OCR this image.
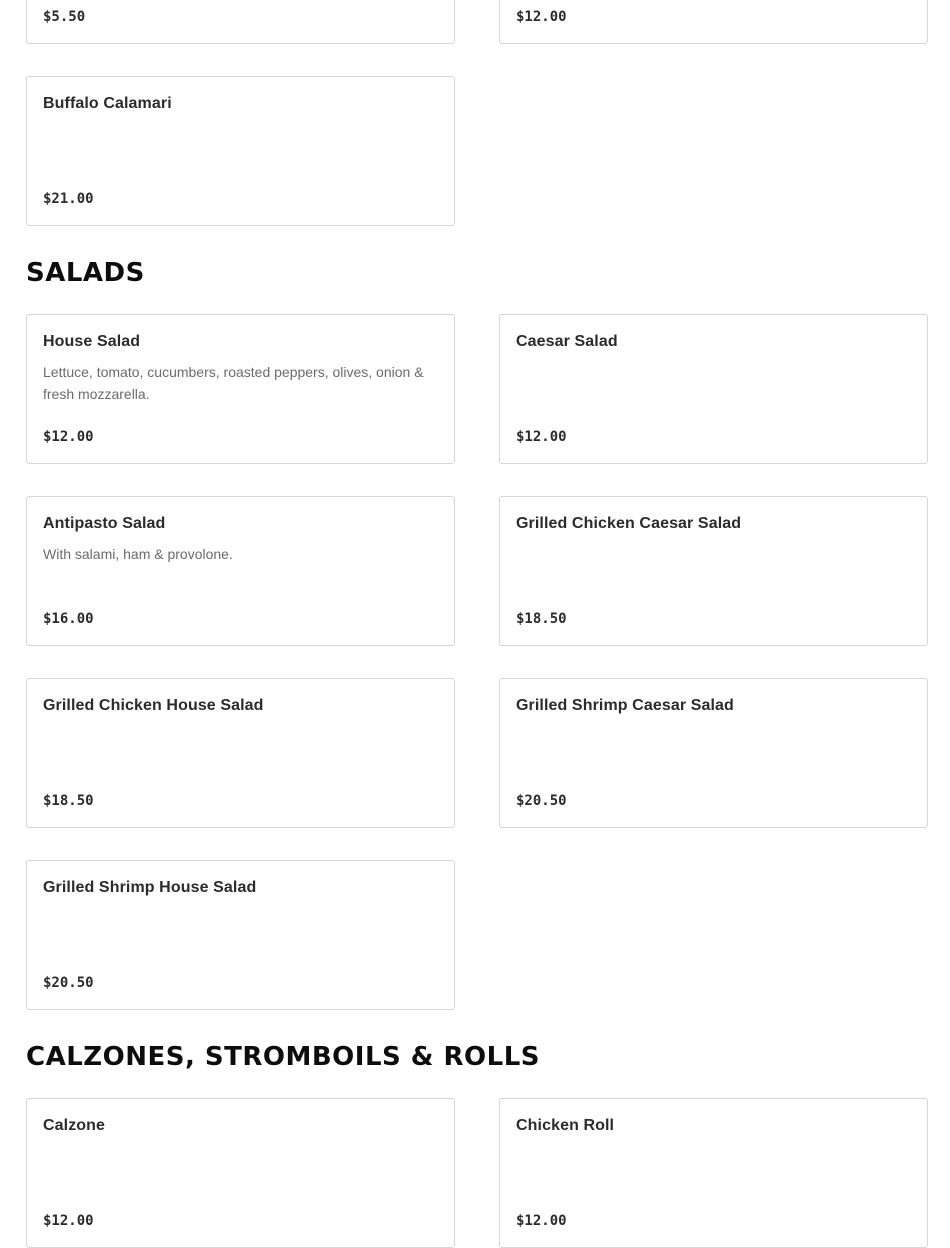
$5.50	$12.00
Buffalo Calamari
$21.00
SALADS
House Salad
Lettuce, tomato, cucumbers, roasted peppers, olives, onion & fresh mozzarella.
$12.00
Caesar Salad
$12.00
Antipasto Salad
With salami, ham & provolone.
$16.00
Grilled Chicken Caesar Salad
$18.50
Grilled Chicken House Salad
$18.50
Grilled Shrimp Caesar Salad
$20.50
Grilled Shrimp House Salad
$20.50
CALZONES, STROMBOILS & ROLLS
Calzone
$12.00
Chicken Roll
$12.00
